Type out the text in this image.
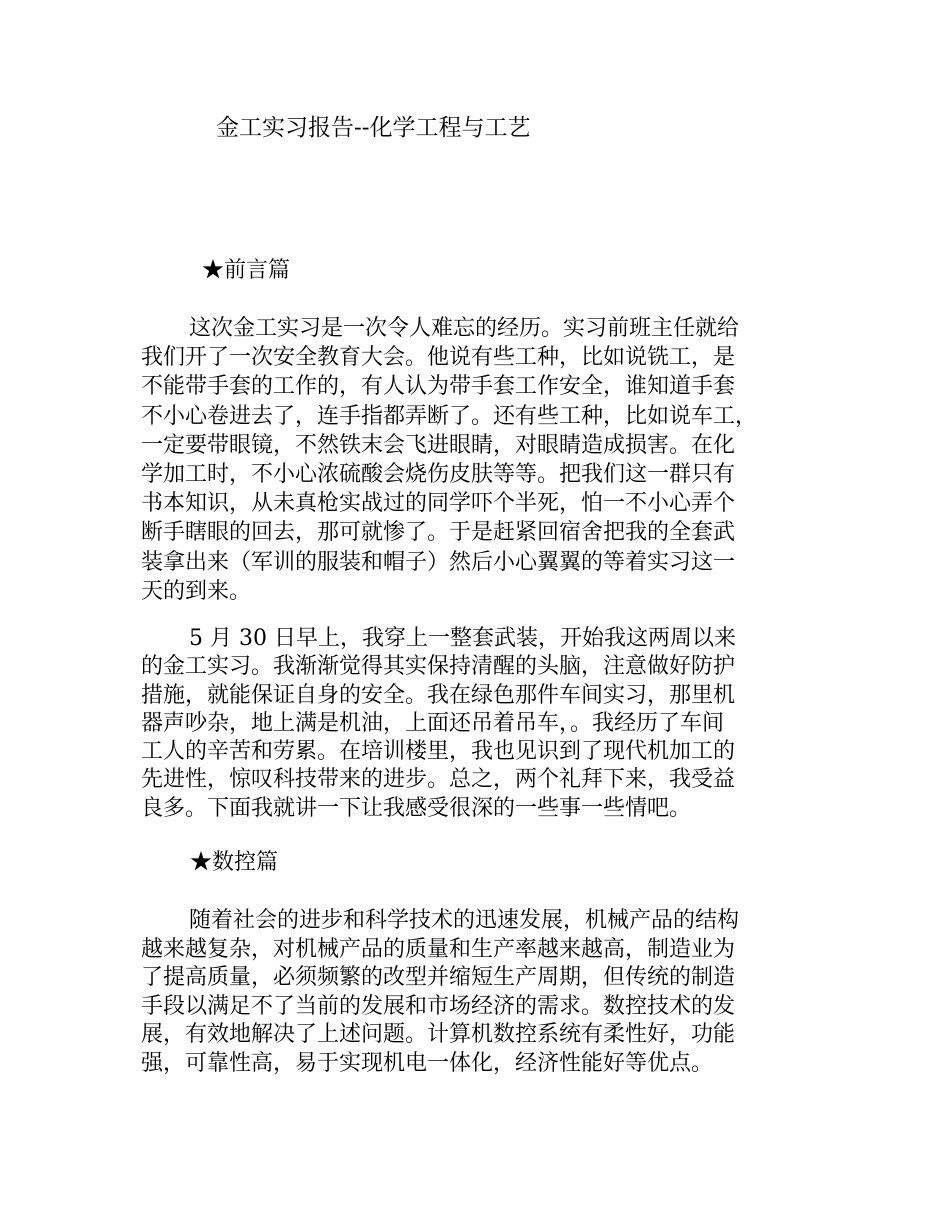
金工实习报告--化学工程与工艺
★前言篇

这次金工实习是一次令人难忘的经历。实习前班主任就给
我们开了一次安全教育大会。他说有些工种，比如说铣工，是
不能带手套的工作的，有人认为带手套工作安全，谁知道手套
不小心卷进去了，连手指都弄断了。还有些工种，比如说车工，
一定要带眼镜，不然铁末会飞进眼睛，对眼睛造成损害。在化
学加工时，不小心浓硫酸会烧伤皮肤等等。把我们这一群只有
书本知识，从未真枪实战过的同学吓个半死，怕一不小心弄个
断手瞎眼的回去，那可就惨了。于是赶紧回宿舍把我的全套武
装拿出来（军训的服装和帽子）然后小心翼翼的等着实习这一
天的到来。

5 月 30 日早上，我穿上一整套武装，开始我这两周以来
的金工实习。我渐渐觉得其实保持清醒的头脑，注意做好防护
措施，就能保证自身的安全。我在绿色那件车间实习，那里机
器声吵杂，地上满是机油，上面还吊着吊车，。我经历了车间
工人的辛苦和劳累。在培训楼里，我也见识到了现代机加工的
先进性，惊叹科技带来的进步。总之，两个礼拜下来，我受益
良多。下面我就讲一下让我感受很深的一些事一些情吧。

★数控篇

随着社会的进步和科学技术的迅速发展，机械产品的结构
越来越复杂，对机械产品的质量和生产率越来越高，制造业为
了提高质量，必须频繁的改型并缩短生产周期，但传统的制造
手段以满足不了当前的发展和市场经济的需求。数控技术的发
展，有效地解决了上述问题。计算机数控系统有柔性好，功能
强，可靠性高，易于实现机电一体化，经济性能好等优点。
